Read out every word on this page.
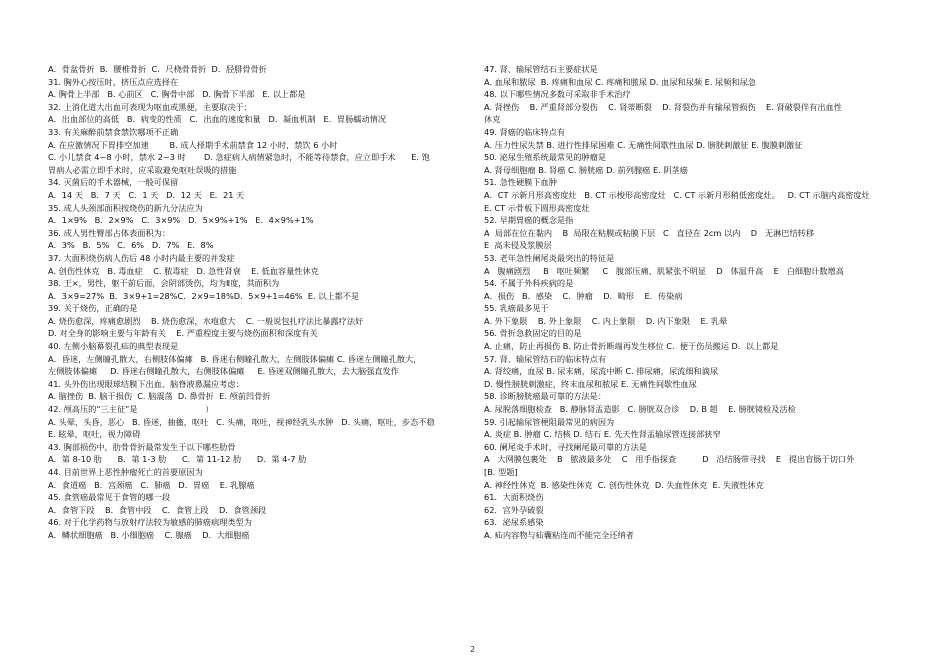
A．骨盆骨折  B．腰椎骨折  C．尺桡骨骨折  D．胫腓骨骨折
31. 胸外心按压时，挤压点应选择在
A. 胸骨上半部   B. 心前区   C. 胸骨中部   D. 胸骨下半部   E. 以上都是
32. 上消化道大出血可表现为呕血或黑便，主要取决于：
A．出血部位的高低   B．病变的性质   C．出血的速度和量   D．凝血机制   E．胃肠蠕动情况
33. 有关麻醉前禁食禁饮哪项不正确
A. 在应激情况下胃排空加速        B. 成人择期手术前禁食 12 小时，禁饮 6 小时
C. 小儿禁食 4~8 小时，禁水 2~3 时       D. 急症病人病情紧急时，不能等待禁食，应立即手术      E. 饱
胃病人必需立即手术时，应采取避免呕吐误吸的措施
34. 灭菌后的手术器械，一般可保留
A．14 天   B．7 天   C．1 天   D．12 天   E．21 天
35. 成人头颈部面积按烧伤的新九分法应为
A．1×9%   B．2×9%   C．3×9%   D．5×9%+1%   E．4×9%+1%
36. 成人男性臀部占体表面积为：
A．3%   B．5%   C．6%   D．7%   E．8%
37. 大面积烧伤病人伤后 48 小时内最主要的并发症
A. 创伤性休克   B. 毒血症    C. 脓毒症   D. 急性肾衰    E. 低血容量性休克
38. 王×，男性，躯干前后面，会阴部烫伤，均为Ⅱ度，其面积为
A．3×9=27%  B．3×9+1=28%C．2×9=18%D．5×9+1=46%  E. 以上都不是
39. 关于烧伤，正确的是
A. 烧伤愈深，疼痛愈剧烈    B. 烧伤愈深，水疱愈大    C. 一般说包扎疗法比暴露疗法好
D. 对全身的影响主要与年龄有关    E. 严重程度主要与烧伤面积和深度有关
40. 左侧小脑幕裂孔疝的典型表现是
A．昏迷，左侧瞳孔散大，右侧肢体偏瘫   B. 昏迷右侧瞳孔散大，左侧肢体偏瘫 C. 昏迷左侧瞳孔散大，
左侧肢体偏瘫     D. 昏迷右侧瞳孔散大，右侧肢体偏瘫     E. 昏迷双侧瞳孔散大，去大脑强直发作
41. 头外伤出现眼球结膜下出血、脑脊液鼻漏应考虑：
A. 脑挫伤  B. 脑干损伤  C. 脑震荡  D. 鼻骨折  E. 颅前凹骨折
42. 颅高压的“三主征”是                          ）
A. 头晕，头昏，恶心   B. 昏迷，抽搐，呕吐   C. 头痛，呕吐，视神经乳头水肿   D. 头痛，呕吐，步态不稳
E. 眩晕，呕吐，视力障碍
43. 胸部损伤中，肋骨骨折最常发生于以下哪些肋骨
A．第 8-10 肋      B．第 1-3 肋      C．第 11-12 肋      D．第 4-7 肋
44. 目前世界上恶性肿瘤死亡的首要原因为
A．食道癌   B．宫颈癌   C．肺癌   D．胃癌    E. 乳腺癌
45. 食管癌最常见于食管的哪一段
A．食管下段    B．食管中段    C．食管上段    D．食管颈段
46. 对于化学药物与放射疗法较为敏感的肺癌病理类型为
A．鳞状细胞癌   B. 小细胞癌    C. 腺癌    D．大细胞癌
47. 肾、输尿管结石主要症状是
A. 血尿和脓尿  B. 疼痛和血尿 C. 疼痛和脓尿 D. 血尿和尿频 E. 尿频和尿急
48. 以下哪些情况多数可采取非手术治疗
A. 肾挫伤    B. 严重肾部分裂伤    C. 肾蒂断裂    D. 肾裂伤并有输尿管损伤    E. 肾破裂伴有出血性
休克
49. 肾癌的临床特点有
A. 压力性尿失禁 B. 进行性排尿困难 C. 无痛性间歇性血尿 D. 膀胱刺激征 E. 腹膜刺激征
50. 泌尿生殖系统最常见的肿瘤是
A. 肾母细胞瘤 B. 肾癌 C. 膀胱癌 D. 前列腺癌 E. 阴茎癌
51. 急性硬膜下血肿
A．CT 示新月形高密度灶   B. CT 示梭形高密度灶   C. CT 示新月形稍低密度灶。   D. CT 示脑内高密度灶
E. CT 示骨板下圆形高密度灶
52. 早期胃癌的概念是指
A  局部在位在黏内    B  局限在粘膜或粘膜下层   C   直径在 2cm 以内    D   无淋巴结转移
E  高未侵及浆膜层
53. 老年急性阑尾炎最突出的特征是
A   腹痛剧烈     B   呕吐频繁     C   腹部压痛、肌紧张不明显    D   体温升高    E   白细胞计数增高
54. 不属于外科疾病的是
A．损伤   B．感染    C．肿瘤    D．畸形    E．传染病
55. 乳癌最多见于
A. 外下象限    B. 外上象限    C. 内上象限    D. 内下象限    E. 乳晕
56. 骨折急救固定的目的是
A. 止痛，防止再损伤 B. 防止骨折断端再发生移位 C.  便于伤员搬运 D.  以上都是
57. 肾、输尿管结石的临床特点有
A. 肾绞痛，血尿 B. 尿末痛，尿流中断 C. 排尿痛，尿流细和滴尿
D. 慢性膀胱刺激症，终末血尿和脓尿 E. 无痛性间歇性血尿
58. 诊断膀胱癌最可靠的方法是：
A. 尿脱落细胞检查   B. 静脉肾盂造影   C. 膀胱双合诊    D. B 超    E. 膀胱镜检及活检
59. 引起输尿管梗阻最常见的病因为
A. 炎症 B. 肿瘤 C. 结核 D. 结石 E. 先天性肾盂输尿管连接部狭窄
60. 阑尾炎手术时，寻找阑尾最可靠的方法是
A   大网膜包裹处    B   脓液最多处    C   用手指探查          D   沿结肠带寻找    E   提出盲肠于切口外
[B. 型题]
A. 神经性休克  B. 感染性休克  C. 创伤性休克  D. 失血性休克  E. 失液性休克
61．大面积烧伤
62．宫外孕破裂
63．泌尿系感染
A. 疝内容物与疝囊粘连而不能完全还纳者
2
